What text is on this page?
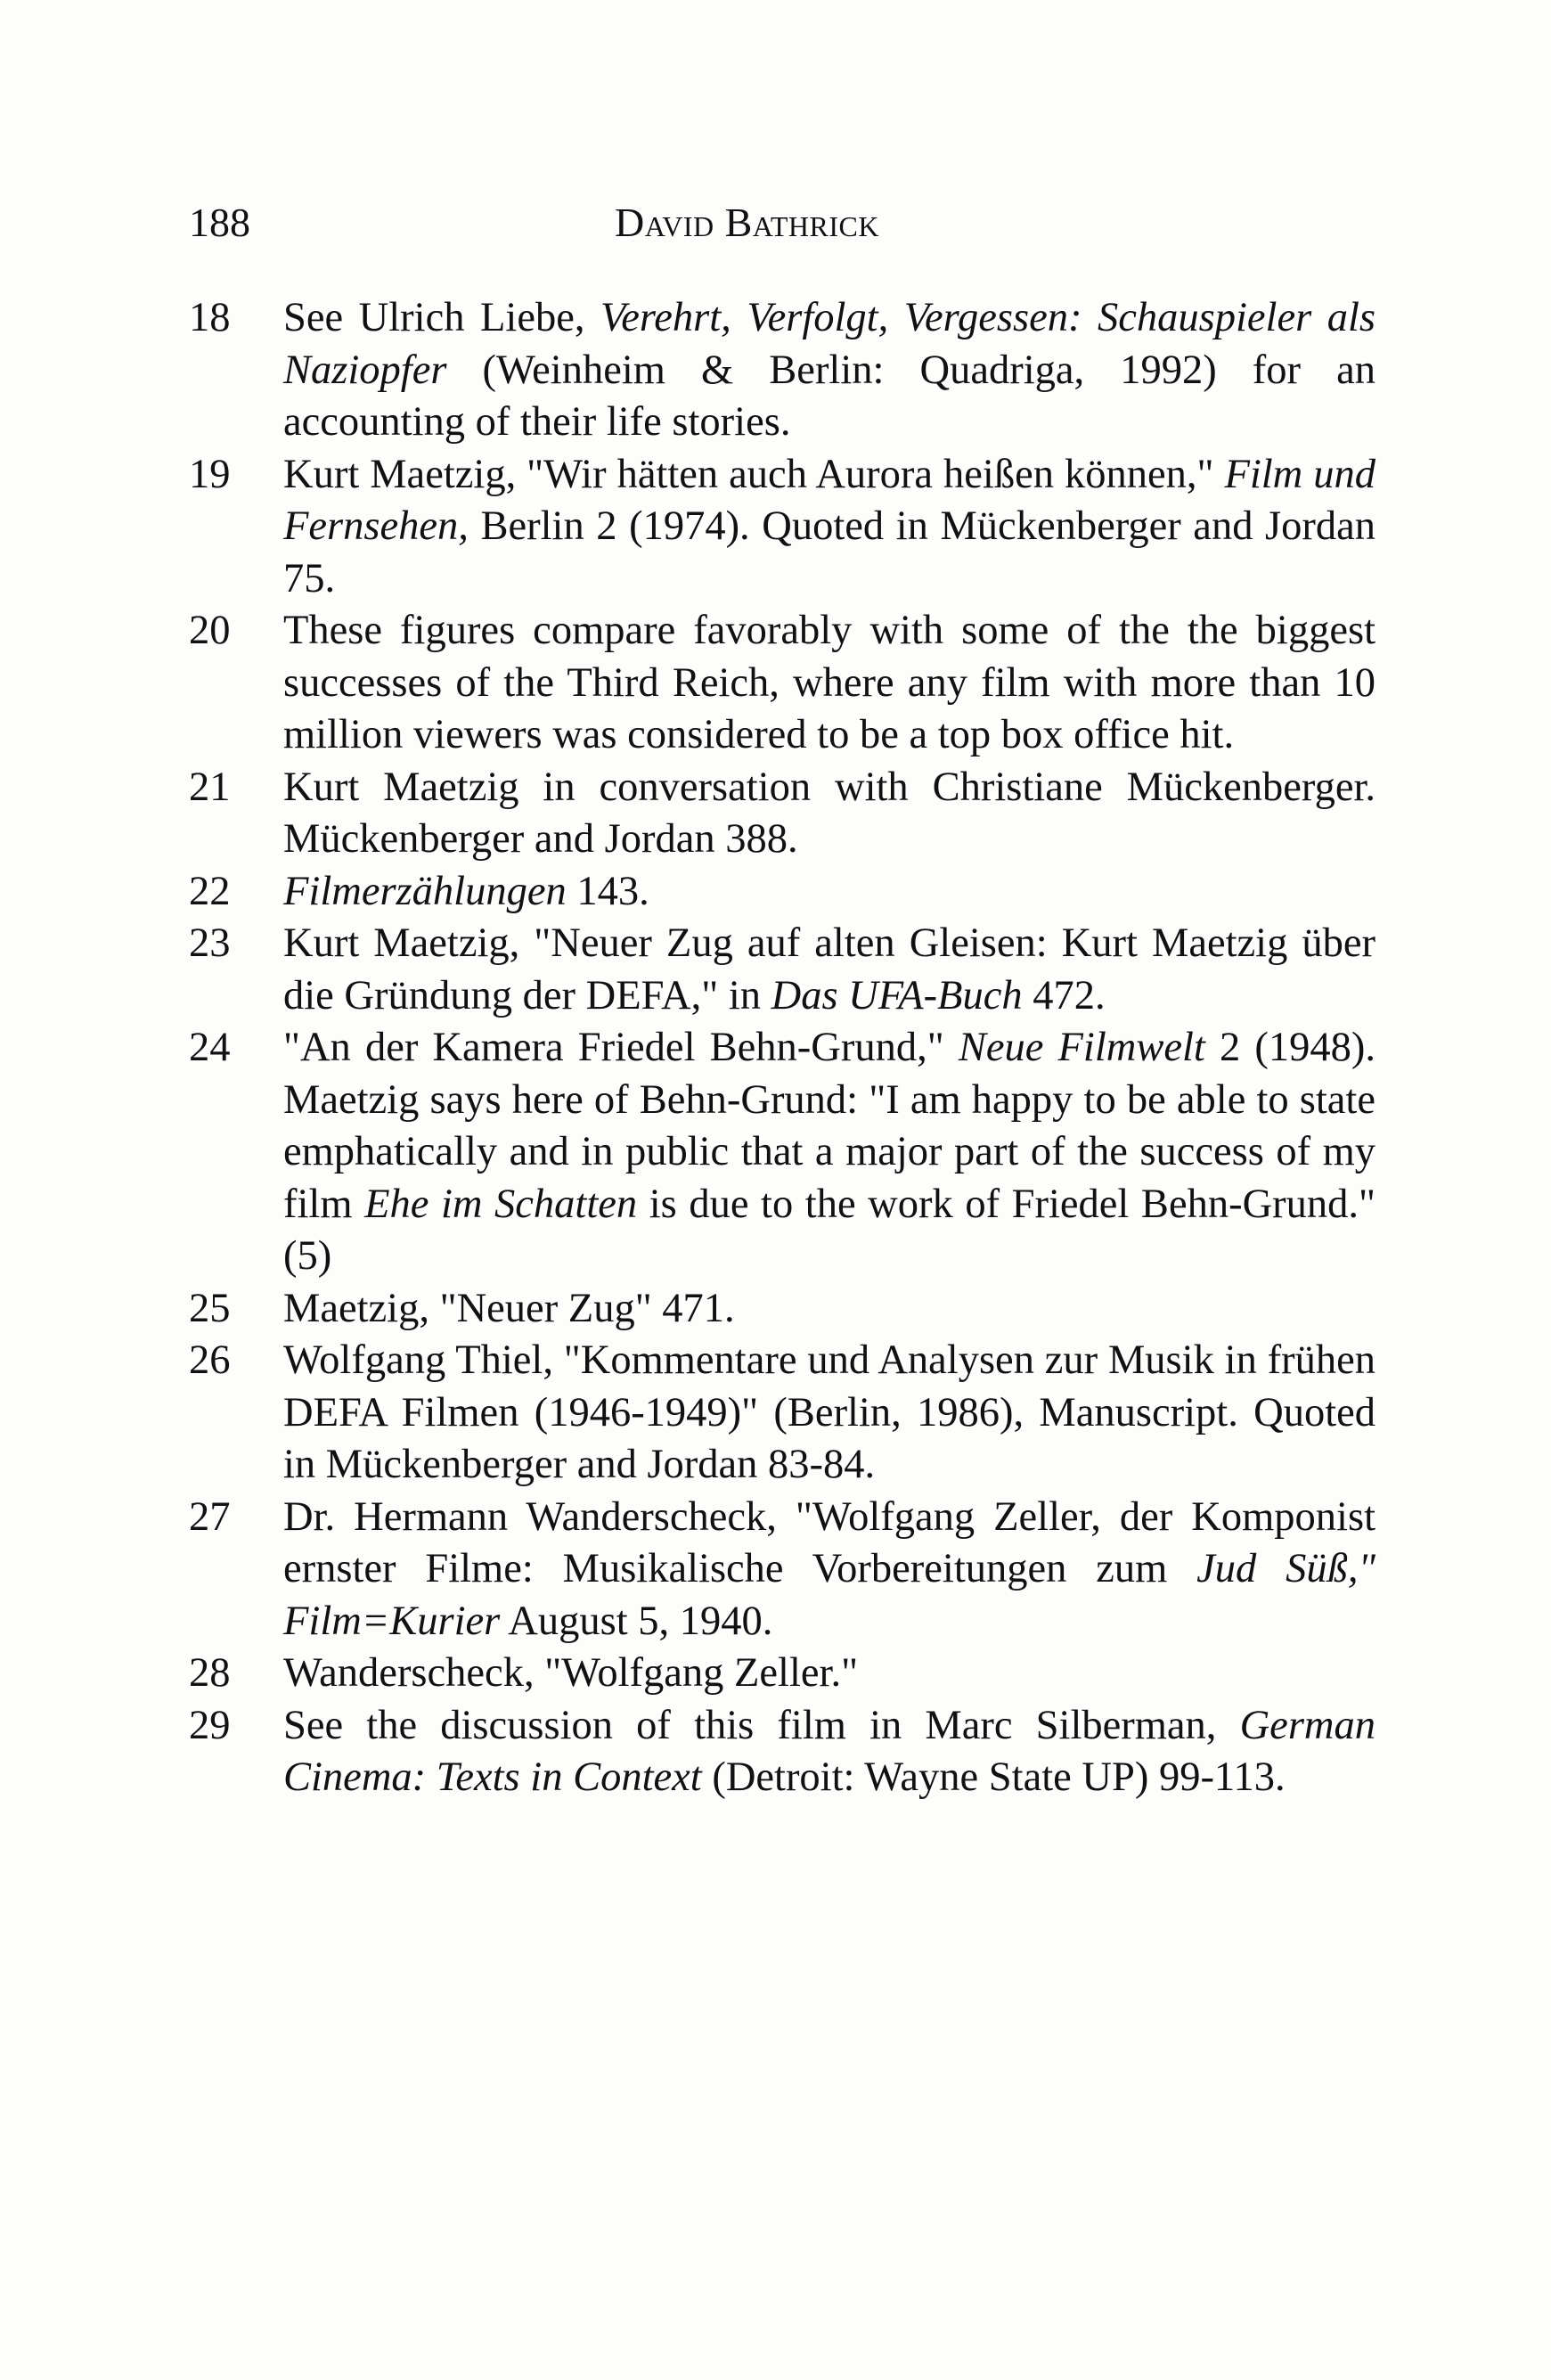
188	David Bathrick
18	See Ulrich Liebe, Verehrt, Verfolgt, Vergessen: Schauspieler als Naziopfer (Weinheim & Berlin: Quadriga, 1992) for an accounting of their life stories.
19	Kurt Maetzig, "Wir hätten auch Aurora heißen können," Film und Fernsehen, Berlin 2 (1974). Quoted in Mückenberger and Jordan 75.
20	These figures compare favorably with some of the the biggest successes of the Third Reich, where any film with more than 10 million viewers was considered to be a top box office hit.
21	Kurt Maetzig in conversation with Christiane Mückenberger. Mückenberger and Jordan 388.
22	Filmerzählungen 143.
23	Kurt Maetzig, "Neuer Zug auf alten Gleisen: Kurt Maetzig über die Gründung der DEFA," in Das UFA-Buch 472.
24	"An der Kamera Friedel Behn-Grund," Neue Filmwelt 2 (1948). Maetzig says here of Behn-Grund: "I am happy to be able to state emphatically and in public that a major part of the success of my film Ehe im Schatten is due to the work of Friedel Behn-Grund." (5)
25	Maetzig, "Neuer Zug" 471.
26	Wolfgang Thiel, "Kommentare und Analysen zur Musik in frühen DEFA Filmen (1946-1949)" (Berlin, 1986), Manuscript. Quoted in Mückenberger and Jordan 83-84.
27	Dr. Hermann Wanderscheck, "Wolfgang Zeller, der Komponist ernster Filme: Musikalische Vorbereitungen zum Jud Süß," Film=Kurier August 5, 1940.
28	Wanderscheck, "Wolfgang Zeller."
29	See the discussion of this film in Marc Silberman, German Cinema: Texts in Context (Detroit: Wayne State UP) 99-113.
